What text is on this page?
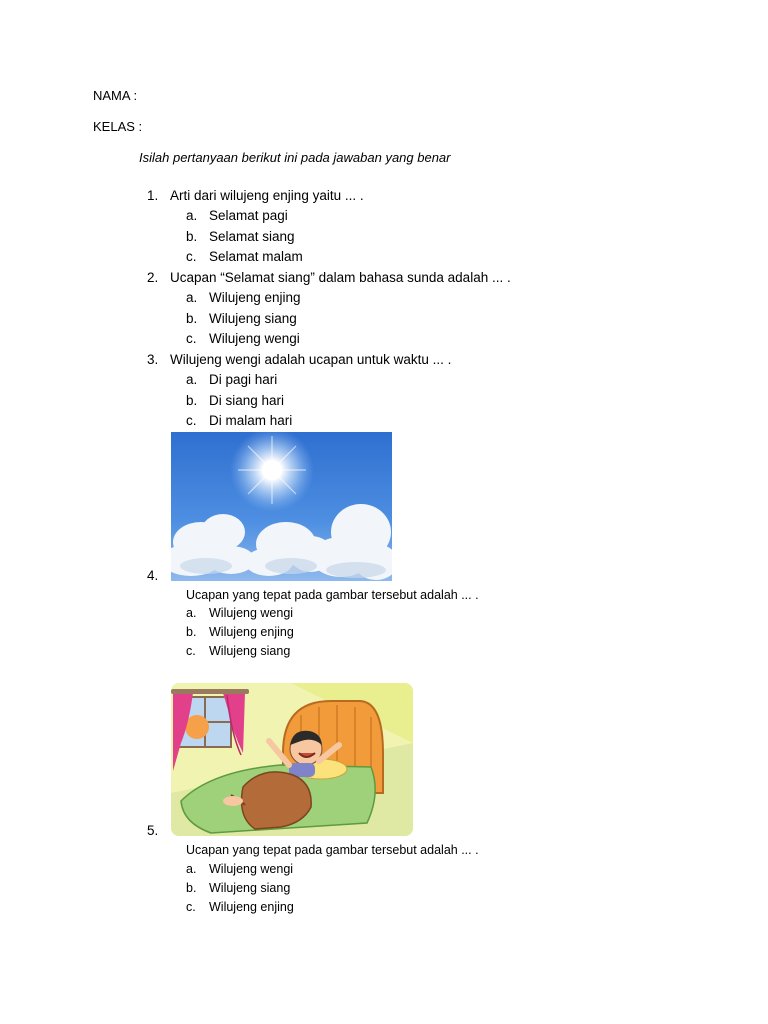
NAMA :
KELAS :
Isilah pertanyaan berikut ini pada jawaban yang benar
1. Arti dari wilujeng enjing yaitu ... .
a. Selamat pagi
b. Selamat siang
c. Selamat malam
2. Ucapan “Selamat siang” dalam bahasa sunda adalah ... .
a. Wilujeng enjing
b. Wilujeng siang
c. Wilujeng wengi
3. Wilujeng wengi adalah ucapan untuk waktu ... .
a. Di pagi hari
b. Di siang hari
c. Di malam hari
4.
Ucapan yang tepat pada gambar tersebut adalah ... .
a. Wilujeng wengi
b. Wilujeng enjing
c. Wilujeng siang
5.
Ucapan yang tepat pada gambar tersebut adalah ... .
a. Wilujeng wengi
b. Wilujeng siang
c. Wilujeng enjing
